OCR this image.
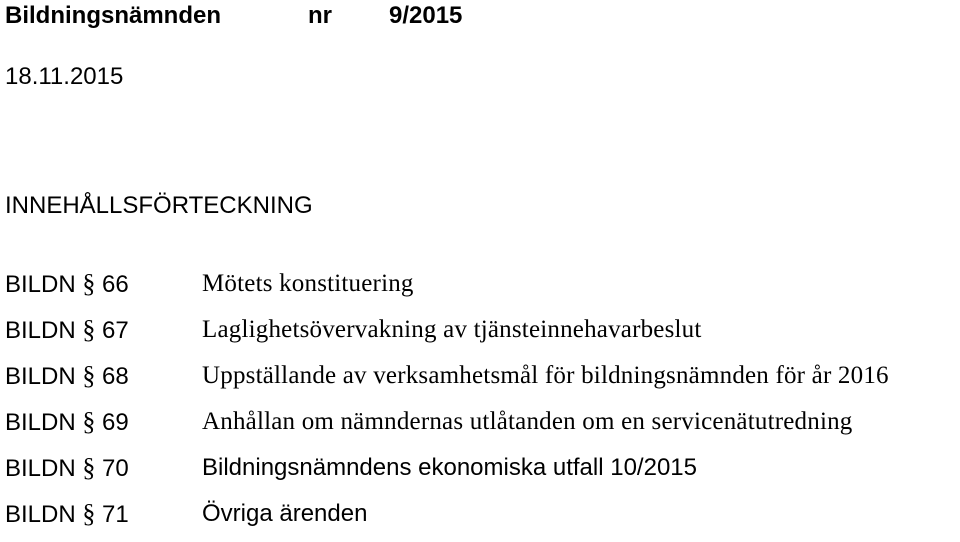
Bildningsnämnden	nr 9/2015
18.11.2015
INNEHÅLLSFÖRTECKNING
BILDN § 66	Mötets konstituering
BILDN § 67	Laglighetsövervakning av tjänsteinnehavarbeslut
BILDN § 68	Uppställande av verksamhetsmål för bildningsnämnden för år 2016
BILDN § 69	Anhållan om nämndernas utlåtanden om en servicenätutredning
BILDN § 70	Bildningsnämndens ekonomiska utfall 10/2015
BILDN § 71	Övriga ärenden
